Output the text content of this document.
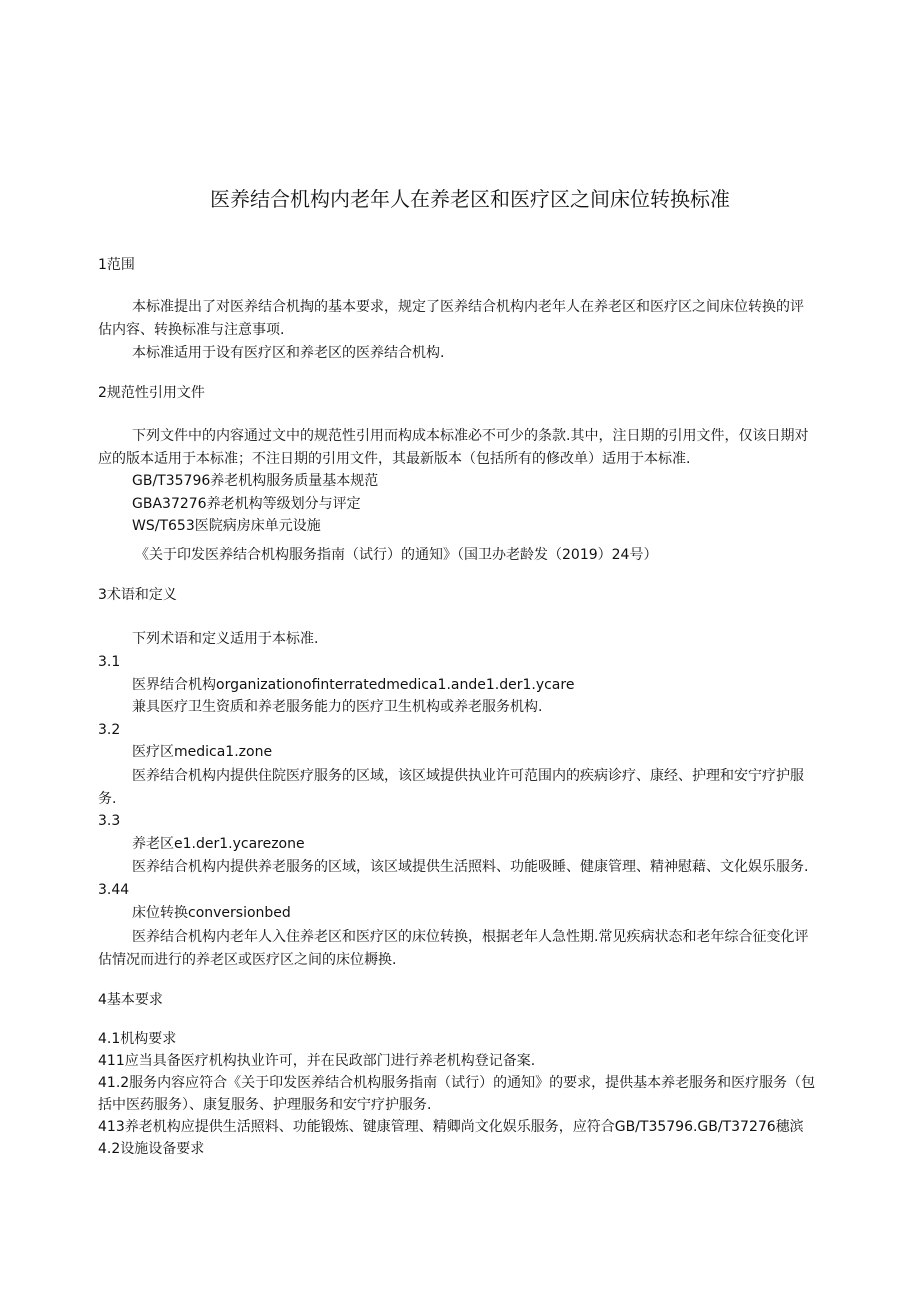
医养结合机构内老年人在养老区和医疗区之间床位转换标准
1范围
本标准提出了对医养结合机掏的基本要求，规定了医养结合机构内老年人在养老区和医疗区之间床位转换的评
估内容、转换标准与注意事项.
本标准适用于设有医疗区和养老区的医养结合机构.
2规范性引用文件
下列文件中的内容通过文中的规范性引用而构成本标准必不可少的条款.其中，注日期的引用文件，仅该日期对
应的版本适用于本标准；不注日期的引用文件，其最新版本（包括所有的修改单）适用于本标准.
GB/T35796养老机构服务质量基本规范
GBA37276养老机构等级划分与评定
WS/T653医院病房床单元设施
《关于印发医养结合机构服务指南（试行）的通知》（国卫办老龄发（2019）24号）
3术语和定义
下列术语和定义适用于本标准.
3.1
医界结合机构organizationofinterratedmedica1.ande1.der1.ycare
兼具医疗卫生资质和养老服务能力的医疗卫生机构或养老服务机构.
3.2
医疗区medica1.zone
医养结合机构内提供住院医疗服务的区域，该区域提供执业许可范围内的疾病诊疗、康经、护理和安宁疗护服
务.
3.3
养老区e1.der1.ycarezone
医养结合机构内提供养老服务的区域，该区域提供生活照料、功能吸睡、健康管理、精神慰藉、文化娱乐服务.
3.44
床位转换conversionbed
医养结合机构内老年人入住养老区和医疗区的床位转换，根据老年人急性期.常见疾病状态和老年综合征变化评
估情况而进行的养老区或医疗区之间的床位耨换.
4基本要求
4.1机构要求
411应当具备医疗机构执业许可，并在民政部门进行养老机构登记备案.
41.2服务内容应符合《关于印发医养结合机构服务指南（试行）的通知》的要求，提供基本养老服务和医疗服务（包
括中医药服务）、康复服务、护理服务和安宁疗护服务.
413养老机构应提供生活照料、功能锻炼、键康管理、精卿尚文化娱乐服务，应符合GB/T35796.GB/T37276穗滨
4.2设施设备要求
